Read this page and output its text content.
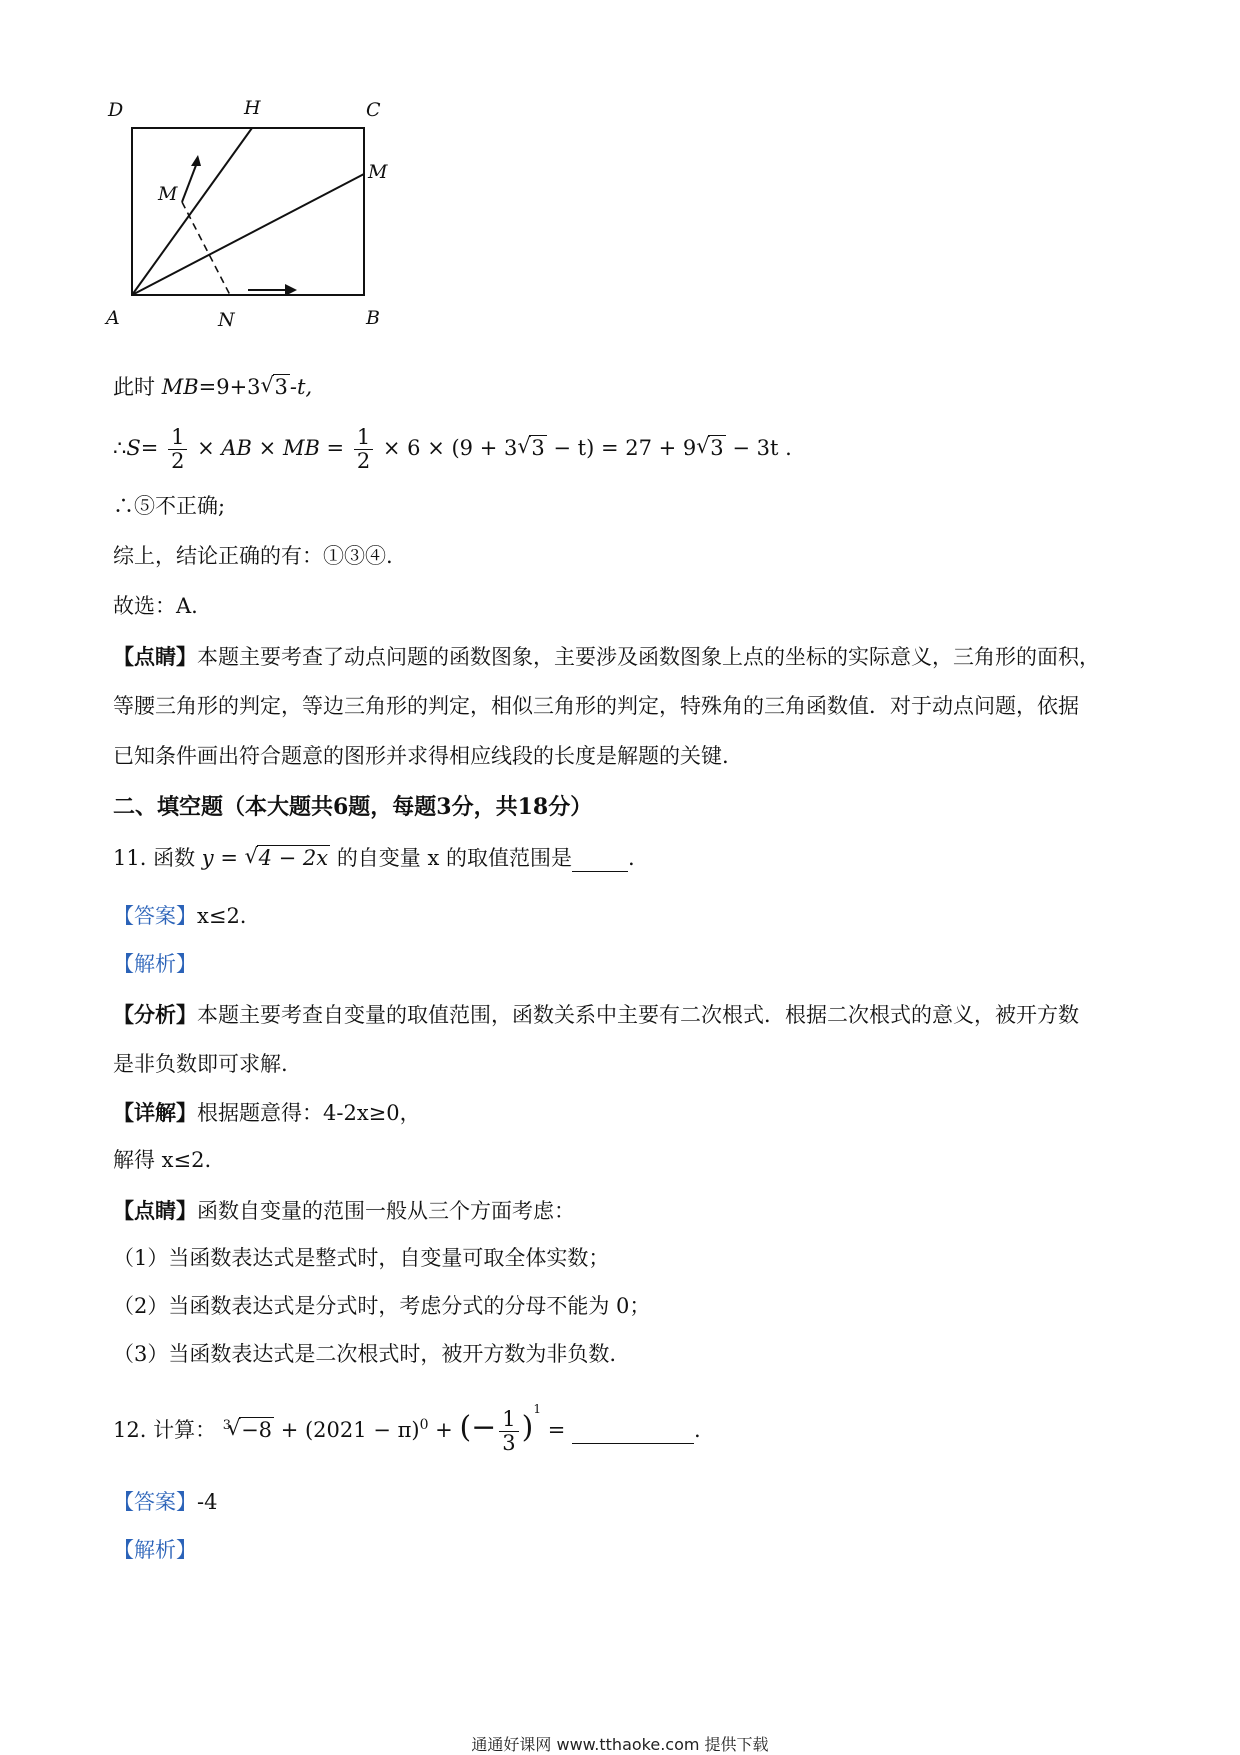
D	H	C
M
M
A	N	B
此时 MB=9+3√ 3-t,
∴S= $\frac{1}{2}$ × AB × MB = $\frac{1}{2} \times 6 \times (9 + 3√$ 3 − t) = 27 + 9√ 3 − 3t .
∴⑤不正确;
综上，结论正确的有：①③④.
故选：A.
【点睛】本题主要考查了动点问题的函数图象，主要涉及函数图象上点的坐标的实际意义，三角形的面积，
等腰三角形的判定，等边三角形的判定，相似三角形的判定，特殊角的三角函数值．对于动点问题，依据
已知条件画出符合题意的图形并求得相应线段的长度是解题的关键.
二、填空题（本大题共6题，每题3分，共18分）
11. 函数 y = √ 4 − 2x 的自变量 x 的取值范围是	.
【答案】x≤2.
【解析】
【分析】本题主要考查自变量的取值范围，函数关系中主要有二次根式．根据二次根式的意义，被开方数
是非负数即可求解.
【详解】根据题意得：4-2x≥0，
解得 x≤2.
【点睛】函数自变量的范围一般从三个方面考虑：
（1）当函数表达式是整式时，自变量可取全体实数；
（2）当函数表达式是分式时，考虑分式的分母不能为 0；
（3）当函数表达式是二次根式时，被开方数为非负数.
12. 计算： $^3√ -8 + (2021 - \pi)^0$ + (− $\frac{1}{3} )^1$ =	.
【答案】-4
【解析】
通通好课网 www.tthaoke.com 提供下载
